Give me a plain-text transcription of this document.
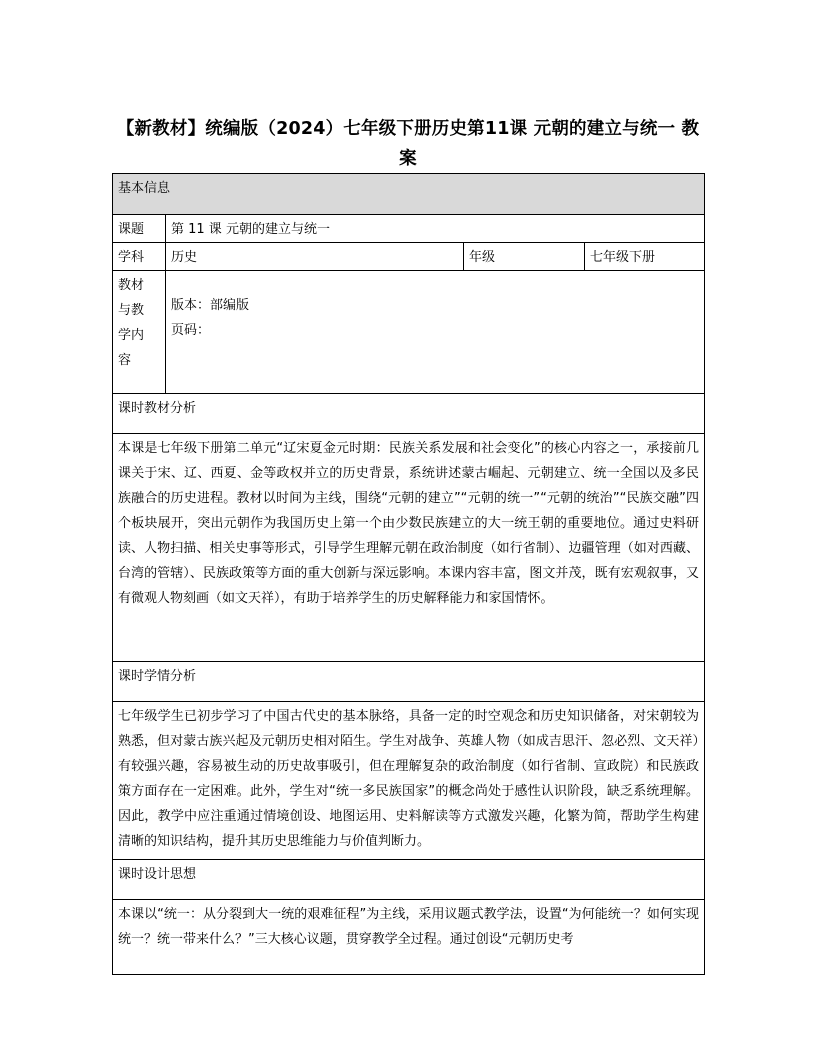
【新教材】统编版（2024）七年级下册历史第11课 元朝的建立与统一 教案
基本信息			
课题	第 11 课 元朝的建立与统一		
学科	历史	年级	七年级下册

教材
与教
学内
容	版本：部编版
页码：		

课时教材分析			
本课是七年级下册第二单元“辽宋夏金元时期：民族关系发展和社会变化”的核心内容之一，承接前几课关于宋、辽、西夏、金等政权并立的历史背景，系统讲述蒙古崛起、元朝建立、统一全国以及多民族融合的历史进程。教材以时间为主线，围绕“元朝的建立”“元朝的统一”“元朝的统治”“民族交融”四个板块展开，突出元朝作为我国历史上第一个由少数民族建立的大一统王朝的重要地位。通过史料研读、人物扫描、相关史事等形式，引导学生理解元朝在政治制度（如行省制）、边疆管理（如对西藏、台湾的管辖）、民族政策等方面的重大创新与深远影响。本课内容丰富，图文并茂，既有宏观叙事，又有微观人物刻画（如文天祥），有助于培养学生的历史解释能力和家国情怀。			
课时学情分析			
七年级学生已初步学习了中国古代史的基本脉络，具备一定的时空观念和历史知识储备，对宋朝较为熟悉，但对蒙古族兴起及元朝历史相对陌生。学生对战争、英雄人物（如成吉思汗、忽必烈、文天祥）有较强兴趣，容易被生动的历史故事吸引，但在理解复杂的政治制度（如行省制、宣政院）和民族政策方面存在一定困难。此外，学生对“统一多民族国家”的概念尚处于感性认识阶段，缺乏系统理解。因此，教学中应注重通过情境创设、地图运用、史料解读等方式激发兴趣，化繁为简，帮助学生构建清晰的知识结构，提升其历史思维能力与价值判断力。			
课时设计思想			
本课以“统一：从分裂到大一统的艰难征程”为主线，采用议题式教学法，设置“为何能统一？如何实现统一？统一带来什么？”三大核心议题，贯穿教学全过程。通过创设“元朝历史考			
